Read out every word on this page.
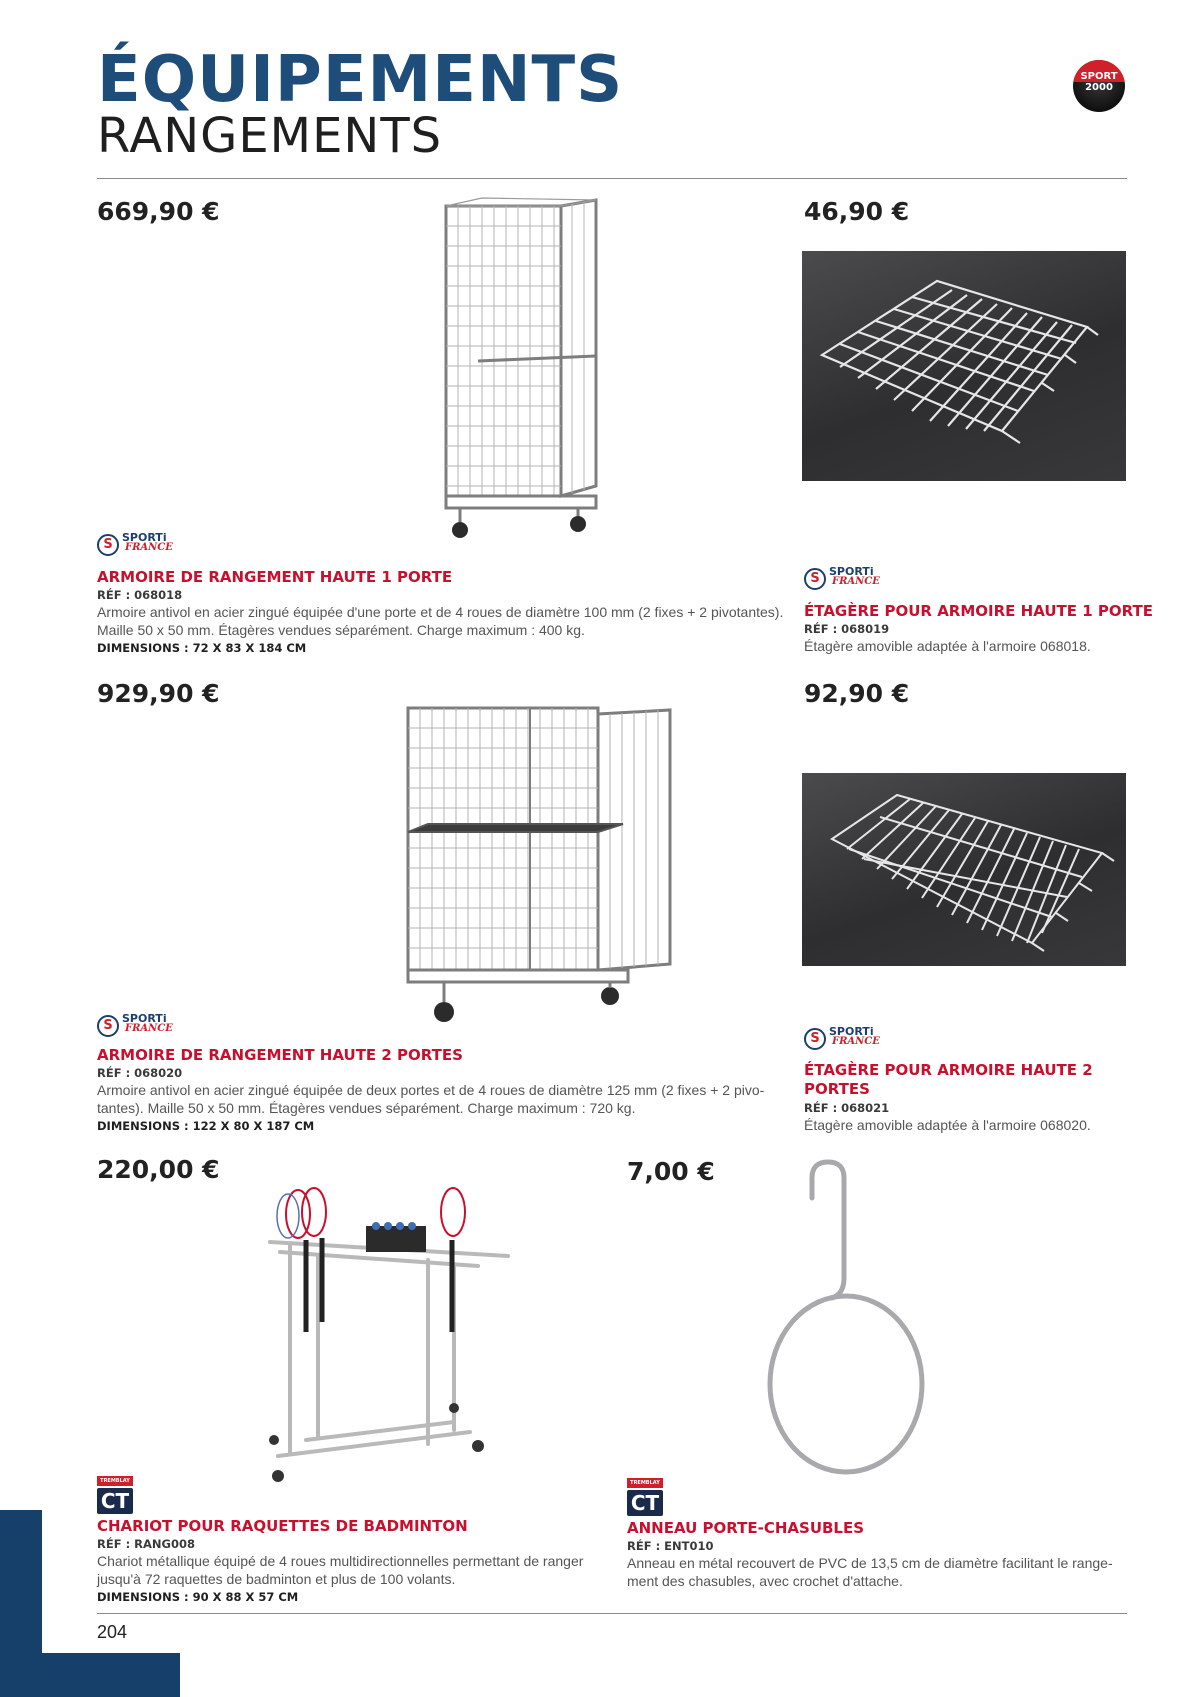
ÉQUIPEMENTS
RANGEMENTS
SPORT
2000
669,90 €
S SPORTi
FRANCE
ARMOIRE DE RANGEMENT HAUTE 1 PORTE
RÉF : 068018
Armoire antivol en acier zingué équipée d'une porte et de 4 roues de diamètre 100 mm (2 fixes + 2 pivotantes).
Maille 50 x 50 mm. Étagères vendues séparément. Charge maximum : 400 kg.
DIMENSIONS : 72 X 83 X 184 CM
46,90 €
S SPORTi
FRANCE
ÉTAGÈRE POUR ARMOIRE HAUTE 1 PORTE
RÉF : 068019
Étagère amovible adaptée à l'armoire 068018.
929,90 €
S SPORTi
FRANCE
ARMOIRE DE RANGEMENT HAUTE 2 PORTES
RÉF : 068020
Armoire antivol en acier zingué équipée de deux portes et de 4 roues de diamètre 125 mm (2 fixes + 2 pivo-
tantes). Maille 50 x 50 mm. Étagères vendues séparément. Charge maximum : 720 kg.
DIMENSIONS : 122 X 80 X 187 CM
92,90 €
S SPORTi
FRANCE
ÉTAGÈRE POUR ARMOIRE HAUTE 2
PORTES
RÉF : 068021
Étagère amovible adaptée à l'armoire 068020.
220,00 €
TREMBLAY
CT
CHARIOT POUR RAQUETTES DE BADMINTON
RÉF : RANG008
Chariot métallique équipé de 4 roues multidirectionnelles permettant de ranger
jusqu'à 72 raquettes de badminton et plus de 100 volants.
DIMENSIONS : 90 X 88 X 57 CM
7,00 €
TREMBLAY
CT
ANNEAU PORTE-CHASUBLES
RÉF : ENT010
Anneau en métal recouvert de PVC de 13,5 cm de diamètre facilitant le range-
ment des chasubles, avec crochet d'attache.
204
